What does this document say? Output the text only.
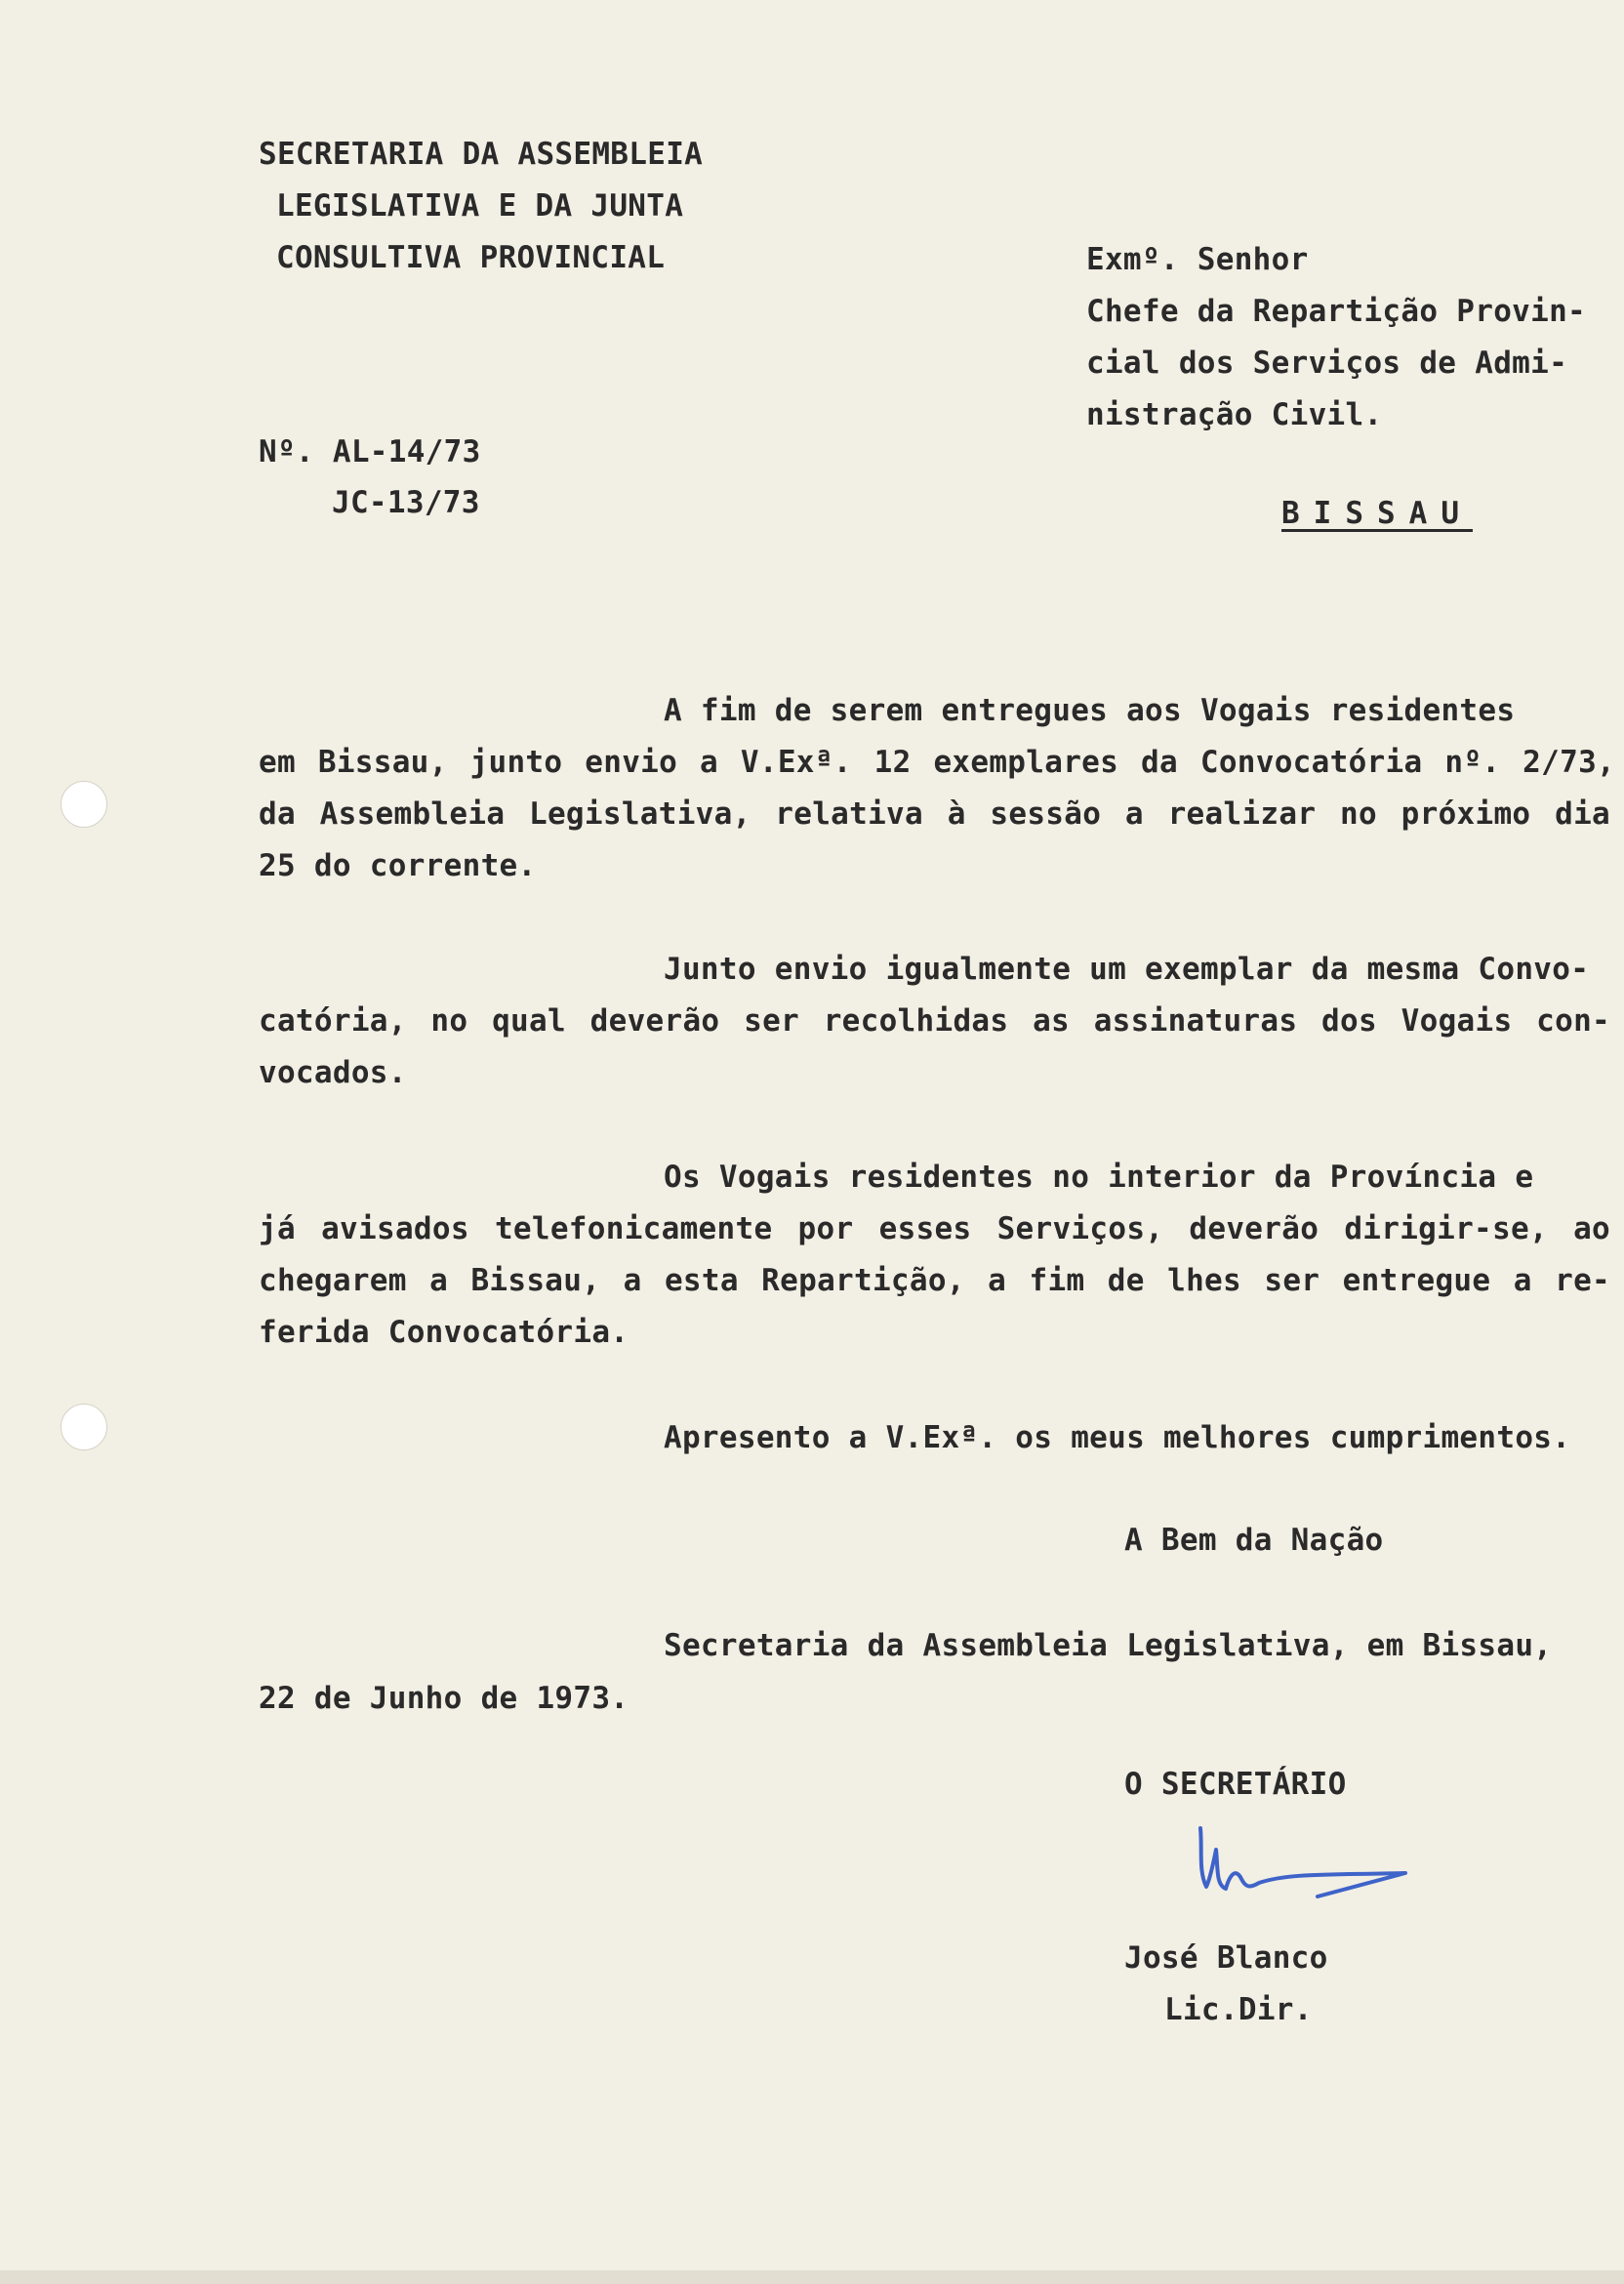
SECRETARIA DA ASSEMBLEIA
LEGISLATIVA E DA JUNTA
CONSULTIVA PROVINCIAL	Exmº. Senhor
Chefe da Repartição Provin-
cial dos Serviços de Admi-
nistração Civil.
BISSAU
Nº. AL-14/73
JC-13/73
A fim de serem entregues aos Vogais residentes
em Bissau, junto envio a V.Exª. 12 exemplares da Convocatória nº. 2/73,
da Assembleia Legislativa, relativa à sessão a realizar no próximo dia
25 do corrente.
Junto envio igualmente um exemplar da mesma Convo-
catória, no qual deverão ser recolhidas as assinaturas dos Vogais con-
vocados.
Os Vogais residentes no interior da Província e
já avisados telefonicamente por esses Serviços, deverão dirigir-se, ao
chegarem a Bissau, a esta Repartição, a fim de lhes ser entregue a re-
ferida Convocatória.
Apresento a V.Exª. os meus melhores cumprimentos.
A Bem da Nação
Secretaria da Assembleia Legislativa, em Bissau,
22 de Junho de 1973.
O SECRETÁRIO
José Blanco
Lic.Dir.
